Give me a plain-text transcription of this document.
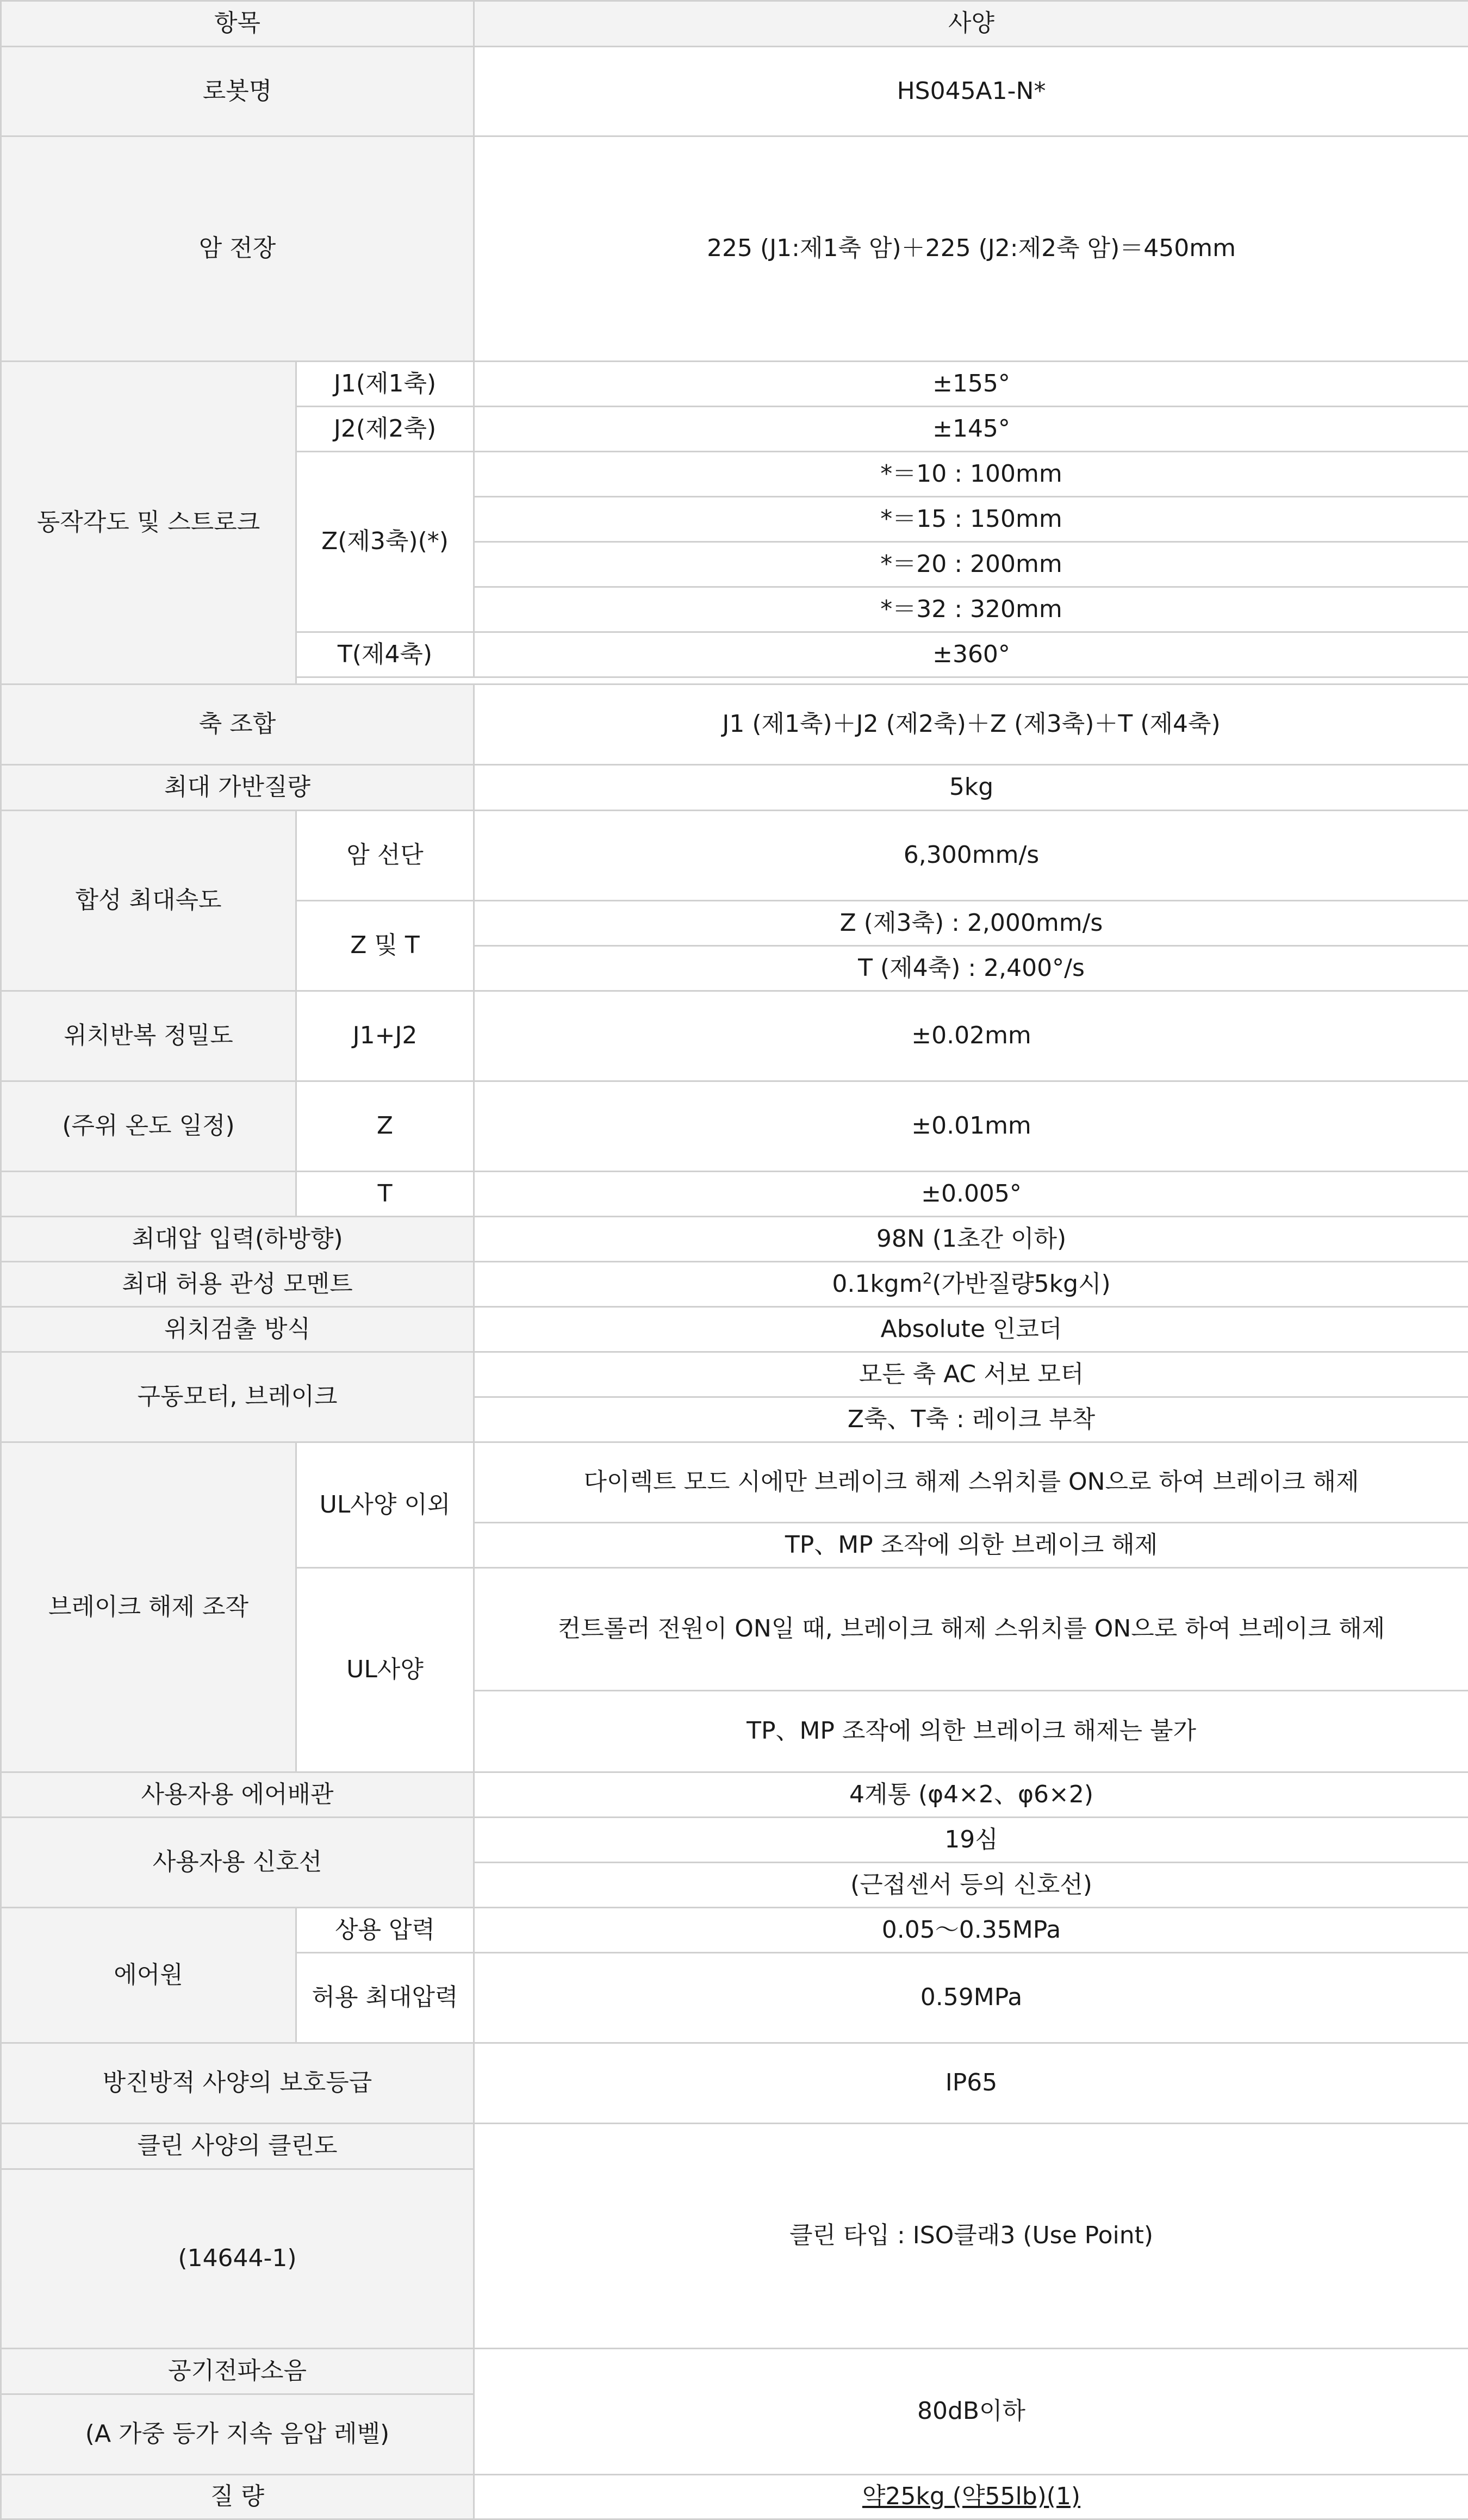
항목		사양
로봇명		HS045A1-N*
암 전장		225 (J1:제1축 암)＋225 (J2:제2축 암)＝450mm
동작각도 및 스트로크	J1(제1축)	±155°
	J2(제2축)	±145°
	Z(제3축)(*)	*＝10 : 100mm
		*＝15 : 150mm
		*＝20 : 200mm
		*＝32 : 320mm
	T(제4축)	±360°

축 조합		J1 (제1축)＋J2 (제2축)＋Z (제3축)＋T (제4축)
최대 가반질량		5kg
합성 최대속도	암 선단	6,300mm/s
	Z 및 T	Z (제3축) : 2,000mm/s
		T (제4축) : 2,400°/s
위치반복 정밀도	J1+J2	±0.02mm
(주위 온도 일정)	Z	±0.01mm
	T	±0.005°
최대압 입력(하방향)		98N (1초간 이하)
최대 허용 관성 모멘트		0.1kgm$^2$(가반질량5kg시)
위치검출 방식		Absolute 인코더
구동모터, 브레이크		모든 축 AC 서보 모터
		Z축、T축 : 레이크 부착
브레이크 해제 조작	UL사양 이외	다이렉트 모드 시에만 브레이크 해제 스위치를 ON으로 하여 브레이크 해제
		TP、MP 조작에 의한 브레이크 해제
	UL사양	컨트롤러 전원이 ON일 때, 브레이크 해제 스위치를 ON으로 하여 브레이크 해제
		TP、MP 조작에 의한 브레이크 해제는 불가
사용자용 에어배관		4계통 (φ4×2、φ6×2)
사용자용 신호선		19심
		(근접센서 등의 신호선)
에어원	상용 압력	0.05～0.35MPa
	허용 최대압력	0.59MPa
방진방적 사양의 보호등급		IP65
클린 사양의 클린도		클린 타입 : ISO클래3 (Use Point)
(14644-1)		
공기전파소음		80dB이하
(A 가중 등가 지속 음압 레벨)		
질 량		약25kg (약55lb)(1)
